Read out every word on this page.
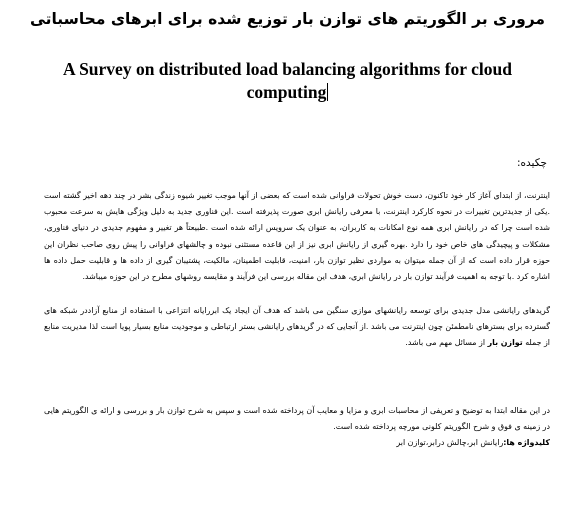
مروری بر الگوریتم های توازن بار توزیع شده برای ابرهای محاسباتی
A Survey on distributed load balancing algorithms for cloud computing
چکیده:

اینترنت، از ابتدای آغاز کار خود تاکنون، دست خوش تحولات فراوانی شده است که بعضی از آنها موجب تغییر شیوه زندگی بشر در چند دهه اخیر گشته است .یکی از جدیدترین تغییرات در نحوه کارکرد اینترنت، با معرفی رایانش ابری صورت پذیرفته است .این فناوری جدید به دلیل ویژگی هایش به سرعت محبوب شده است چرا که در رایانش ابری همه نوع امکانات به کاربران، به عنوان یک سرویس ارائه شده است .طبیعتاً هر تغییر و مفهوم جدیدی در دنیای فناوری، مشکلات و پیچیدگی های خاص خود را دارد .بهره گیری از رایانش ابری نیز از این قاعده مستثنی نبوده و چالشهای فراوانی را پیش روی صاحب نظران این حوزه قرار داده است که از آن جمله میتوان به مواردی نظیر توازن بار، امنیت، قابلیت اطمینان، مالکیت، پشتیبان گیری از داده ها و قابلیت حمل داده ها اشاره کرد .با توجه به اهمیت فرآیند توازن بار در رایانش ابری، هدف این مقاله بررسی این فرآیند و مقایسه روشهای مطرح در این حوزه میباشد.

گریدهای رایانشی مدل جدیدی برای توسعه رایانشهای موازی سنگین می باشد که هدف آن ایجاد یک ابررایانه انتزاعی با استفاده از منابع آزاددر شبکه های گسترده برای بسترهای نامطمئن چون اینترنت می باشد .از آنجایی که در گریدهای رایانشی بستر ارتباطی و موجودیت منابع بسیار پویا است لذا مدیریت منابع از جمله توازن بار از مسائل مهم می باشد.

در این مقاله ابتدا به توضیح و تعریفی از محاسبات ابری و مزایا و معایب آن پرداخته شده است و سپس به شرح توازن بار و بررسی و ارائه ی الگوریتم هایی در زمینه ی فوق و شرح الگوریتم کلونی مورچه پرداخته شده است.
کلیدواژه ها:رایانش ابر،چالش درابر،توازن ابر
